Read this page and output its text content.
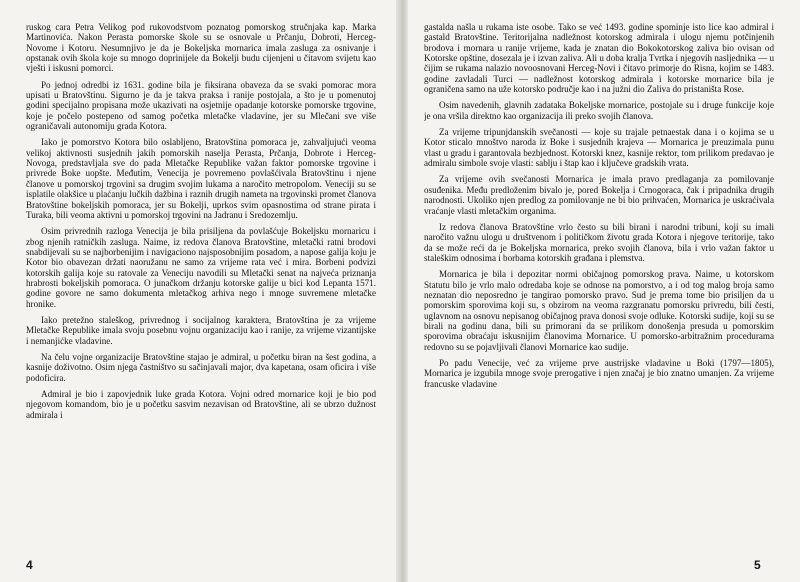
ruskog cara Petra Velikog pod rukovodstvom poznatog pomorskog stručnjaka kap. Marka Martinovića. Nakon Perasta pomorske škole su se osnovale u Prčanju, Dobroti, Herceg-Novome i Kotoru. Nesumnjivo je da je Bokeljska mornarica imala zasluga za osnivanje i opstanak ovih škola koje su mnogo doprinijele da Bokelji budu cijenjeni u čitavom svijetu kao vješti i iskusni pomorci.

Po jednoj odredbi iz 1631. godine bila je fiksirana obaveza da se svaki pomorac mora upisati u Bratovštinu. Sigurno je da je takva praksa i ranije postojala, a što je u pomenutoj godini specijalno propisana može ukazivati na osjetnije opadanje kotorske pomorske trgovine, koje je počelo postepeno od samog početka mletačke vladavine, jer su Mlečani sve više ograničavali autonomiju grada Kotora.

Iako je pomorstvo Kotora bilo oslabljeno, Bratovština pomoraca je, zahvaljujući veoma velikoj aktivnosti susjednih jakih pomorskih naselja Perasta, Prčanja, Dobrote i Herceg-Novoga, predstavljala sve do pada Mletačke Republike važan faktor pomorske trgovine i privrede Boke uopšte. Međutim, Venecija je povremeno povlašćivala Bratovštinu i njene članove u pomorskoj trgovini sa drugim svojim lukama a naročito metropolom. Veneciji su se isplatile olakšice u plaćanju lučkih dažbina i raznih drugih nameta na trgovinski promet članova Bratovštine bokeljskih pomoraca, jer su Bokelji, uprkos svim opasnostima od strane pirata i Turaka, bili veoma aktivni u pomorskoj trgovini na Jadranu i Sredozemlju.

Osim privrednih razloga Venecija je bila prisiljena da povlašćuje Bokeljsku mornaricu i zbog njenih ratničkih zasluga. Naime, iz redova članova Bratovštine, mletački ratni brodovi snabdijevali su se najborbenijim i navigaciono najsposobnijim posadom, a napose galija koju je Kotor bio obavezan držati naoružanu ne samo za vrijeme rata već i mira. Borbeni podvizi kotorskih galija koje su ratovale za Veneciju navodili su Mletački senat na najveća priznanja hrabrosti bokeljskih pomoraca. O junačkom držanju kotorske galije u bici kod Lepanta 1571. godine govore ne samo dokumenta mletačkog arhiva nego i mnoge suvremene mletačke hronike.

Iako pretežno staleškog, privrednog i socijalnog karaktera, Bratovština je za vrijeme Mletačke Republike imala svoju posebnu vojnu organizaciju kao i ranije, za vrijeme vizantijske i nemanjićke vladavine.

Na čelu vojne organizacije Bratovštine stajao je admiral, u početku biran na šest godina, a kasnije doživotno. Osim njega častništvo su sačinjavali major, dva kapetana, osam oficira i više podoficira.

Admiral je bio i zapovjednik luke grada Kotora. Vojni odred mornarice koji je bio pod njegovom komandom, bio je u početku sasvim nezavisan od Bratovštine, ali se ubrzo dužnost admirala i

4

gastalda našla u rukama iste osobe. Tako se već 1493. godine spominje isto lice kao admiral i gastald Bratovštine. Teritorijalna nadležnost kotorskog admirala i ulogu njemu potčinjenih brodova i mornara u ranije vrijeme, kada je znatan dio Bokokotorskog zaliva bio ovisan od Kotorske opštine, dosezala je i izvan zaliva. Ali u doba kralja Tvrtka i njegovih nasljednika — u čijim se rukama nalazio novoosnovani Herceg-Novi i čitavo primorje do Risna, kojim se 1483. godine zavladali Turci — nadležnost kotorskog admirala i kotorske mornarice bila je ograničena samo na uže kotorsko područje kao i na južni dio Zaliva do pristaništa Rose.

Osim navedenih, glavnih zadataka Bokeljske mornarice, postojale su i druge funkcije koje je ona vršila direktno kao organizacija ili preko svojih članova.

Za vrijeme tripunjdanskih svečanosti — koje su trajale petnaestak dana i o kojima se u Kotor sticalo mnoštvo naroda iz Boke i susjednih krajeva — Mornarica je preuzimala punu vlast u gradu i garantovala bezbjednost. Kotorski knez, kasnije rektor, tom prilikom predavao je admiralu simbole svoje vlasti: sablju i štap kao i ključeve gradskih vrata.

Za vrijeme ovih svečanosti Mornarica je imala pravo predlaganja za pomilovanje osuđenika. Među predloženim bivalo je, pored Bokelja i Crnogoraca, čak i pripadnika drugih narodnosti. Ukoliko njen predlog za pomilovanje ne bi bio prihvaćen, Mornarica je uskraćivala vraćanje vlasti mletačkim organima.

Iz redova članova Bratovštine vrlo često su bili birani i narodni tribuni, koji su imali naročito važnu ulogu u društvenom i političkom životu grada Kotora i njegove teritorije, tako da se može reći da je Bokeljska mornarica, preko svojih članova, bila i vrlo važan faktor u staleškim odnosima i borbama kotorskih građana i plemstva.

Mornarica je bila i depozitar normi običajnog pomorskog prava. Naime, u kotorskom Statutu bilo je vrlo malo odredaba koje se odnose na pomorstvo, a i od tog malog broja samo neznatan dio neposredno je tangirao pomorsko pravo. Sud je prema tome bio prisiljen da u pomorskim sporovima koji su, s obzirom na veoma razgranatu pomorsku privredu, bili česti, uglavnom na osnovu nepisanog običajnog prava donosi svoje odluke. Kotorski sudije, koji su se birali na godinu dana, bili su primorani da se prilikom donošenja presuda u pomorskim sporovima obraćaju iskusnijim članovima Mornarice. U pomorsko-arbitražnim procedurama redovno su se pojavljivali članovi Mornarice kao sudije.

Po padu Venecije, već za vrijeme prve austrijske vladavine u Boki (1797—1805), Mornarica je izgubila mnoge svoje prerogative i njen značaj je bio znatno umanjen. Za vrijeme francuske vladavine

5
